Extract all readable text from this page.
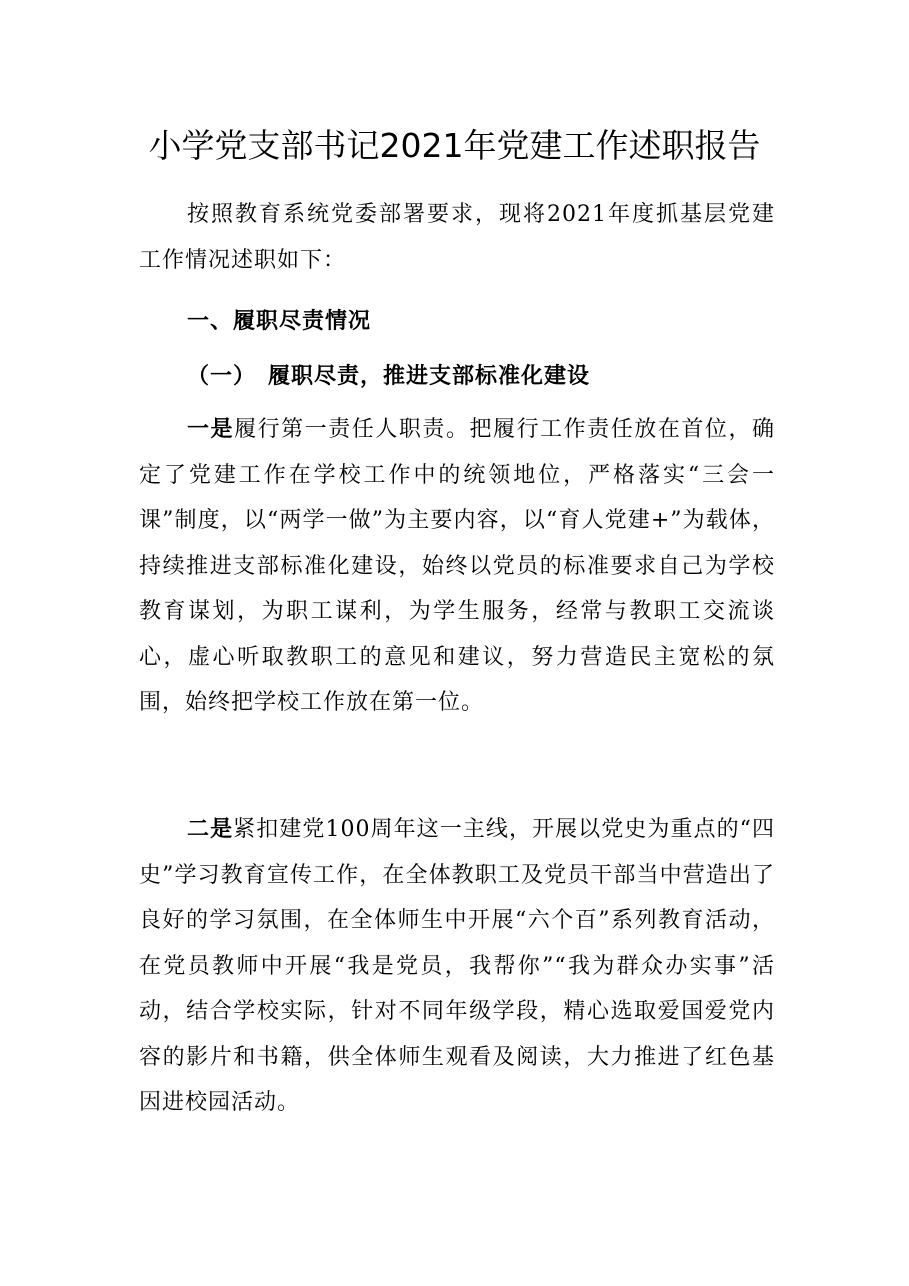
小学党支部书记2021年党建工作述职报告
按照教育系统党委部署要求，现将2021年度抓基层党建工作情况述职如下：
一、履职尽责情况
（一）　履职尽责，推进支部标准化建设
一是履行第一责任人职责。把履行工作责任放在首位，确定了党建工作在学校工作中的统领地位，严格落实“三会一课”制度，以“两学一做”为主要内容，以“育人党建+”为载体，持续推进支部标准化建设，始终以党员的标准要求自己为学校教育谋划，为职工谋利，为学生服务，经常与教职工交流谈心，虚心听取教职工的意见和建议，努力营造民主宽松的氛围，始终把学校工作放在第一位。
二是紧扣建党100周年这一主线，开展以党史为重点的“四史”学习教育宣传工作，在全体教职工及党员干部当中营造出了良好的学习氛围，在全体师生中开展“六个百”系列教育活动，在党员教师中开展“我是党员，我帮你”“我为群众办实事”活动，结合学校实际，针对不同年级学段，精心选取爱国爱党内容的影片和书籍，供全体师生观看及阅读，大力推进了红色基因进校园活动。
